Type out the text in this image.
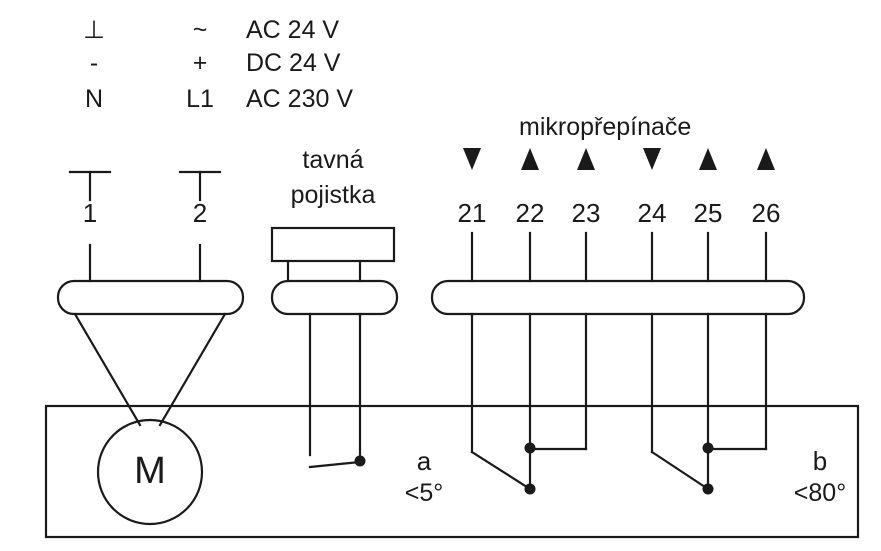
⊥	~	AC 24 V
-	+	DC 24 V
N	L1	AC 230 V
mikropřepínače
tavná
pojistka
1	2	21 22 23 24 25 26
M	a
<5°
b
<80°
